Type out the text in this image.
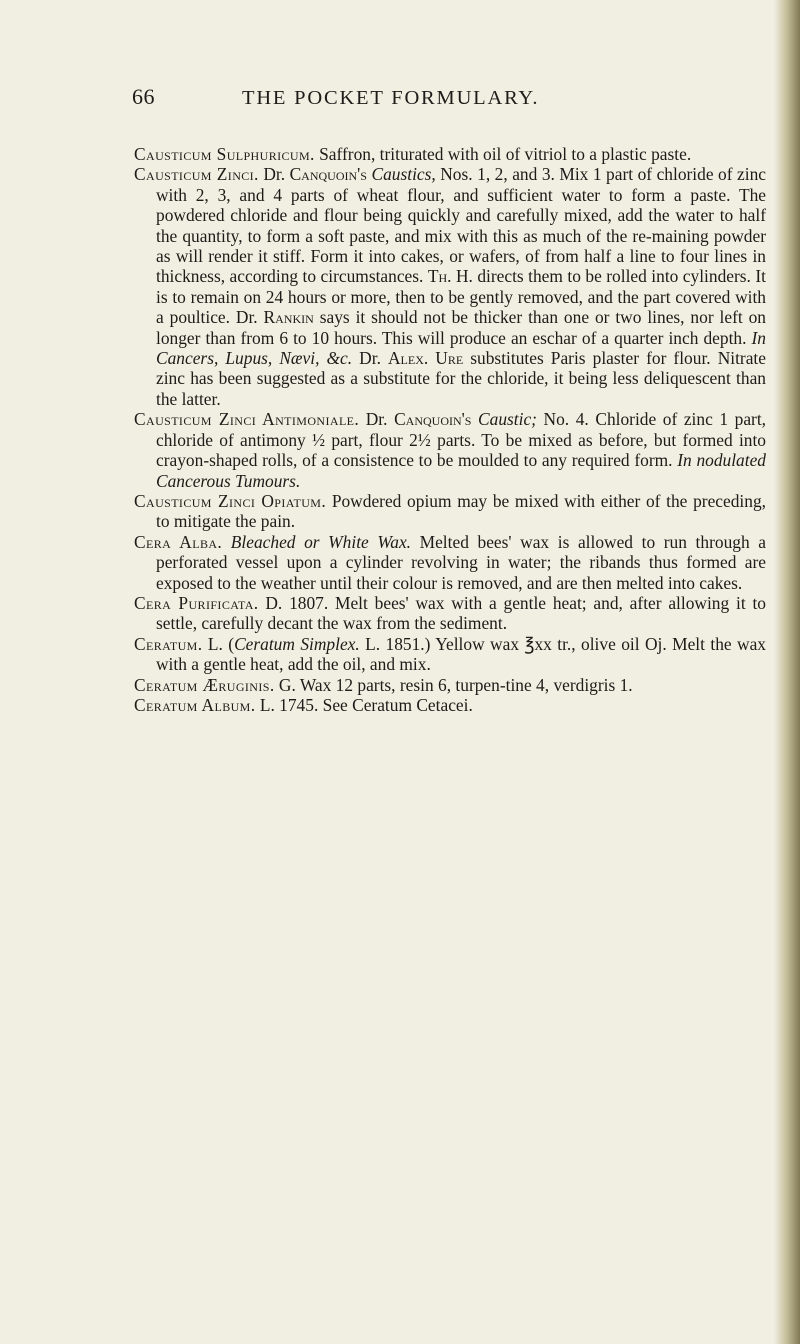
66	THE POCKET FORMULARY.
Causticum Sulphuricum. Saffron, triturated with oil of vitriol to a plastic paste.
Causticum Zinci. Dr. Canquoin's Caustics, Nos. 1, 2, and 3. Mix 1 part of chloride of zinc with 2, 3, and 4 parts of wheat flour, and sufficient water to form a paste. The powdered chloride and flour being quickly and carefully mixed, add the water to half the quantity, to form a soft paste, and mix with this as much of the re-maining powder as will render it stiff. Form it into cakes, or wafers, of from half a line to four lines in thickness, according to circumstances. Th. H. directs them to be rolled into cylinders. It is to remain on 24 hours or more, then to be gently removed, and the part covered with a poultice. Dr. Rankin says it should not be thicker than one or two lines, nor left on longer than from 6 to 10 hours. This will produce an eschar of a quarter inch depth. In Cancers, Lupus, Nævi, &c. Dr. Alex. Ure substitutes Paris plaster for flour. Nitrate zinc has been suggested as a substitute for the chloride, it being less deliquescent than the latter.
Causticum Zinci Antimoniale. Dr. Canquoin's Caustic; No. 4. Chloride of zinc 1 part, chloride of antimony ½ part, flour 2½ parts. To be mixed as before, but formed into crayon-shaped rolls, of a consistence to be moulded to any required form. In nodulated Cancerous Tumours.
Causticum Zinci Opiatum. Powdered opium may be mixed with either of the preceding, to mitigate the pain.
Cera Alba. Bleached or White Wax. Melted bees' wax is allowed to run through a perforated vessel upon a cylinder revolving in water; the ribands thus formed are exposed to the weather until their colour is removed, and are then melted into cakes.
Cera Purificata. D. 1807. Melt bees' wax with a gentle heat; and, after allowing it to settle, carefully decant the wax from the sediment.
Ceratum. L. (Ceratum Simplex. L. 1851.) Yellow wax ℥xx tr., olive oil Oj. Melt the wax with a gentle heat, add the oil, and mix.
Ceratum Æruginis. G. Wax 12 parts, resin 6, turpen-tine 4, verdigris 1.
Ceratum Album. L. 1745. See Ceratum Cetacei.
